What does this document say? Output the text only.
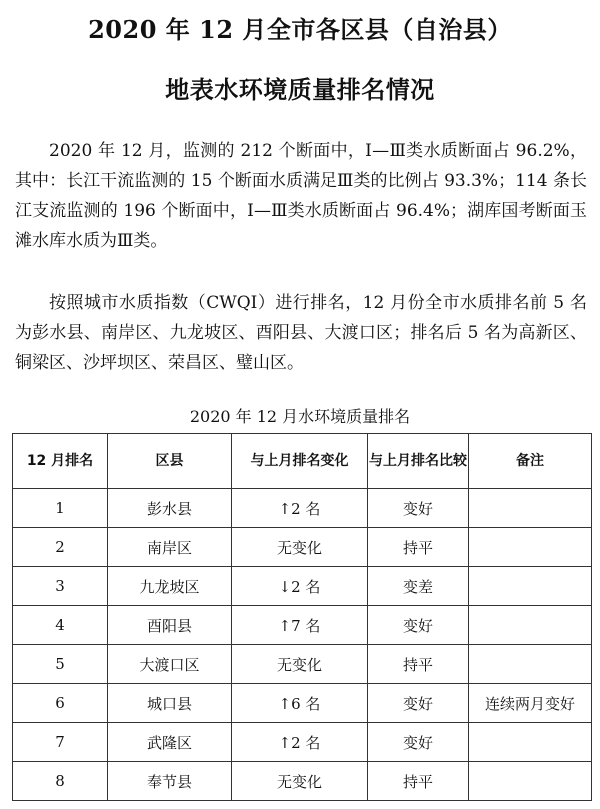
2020 年 12 月全市各区县（自治县）
地表水环境质量排名情况

2020 年 12 月，监测的 212 个断面中，Ⅰ—Ⅲ类水质断面占 96.2%，其中：长江干流监测的 15 个断面水质满足Ⅲ类的比例占 93.3%；114 条长江支流监测的 196 个断面中，Ⅰ—Ⅲ类水质断面占 96.4%；湖库国考断面玉滩水库水质为Ⅲ类。

按照城市水质指数（CWQI）进行排名，12 月份全市水质排名前 5 名为彭水县、南岸区、九龙坡区、酉阳县、大渡口区；排名后 5 名为高新区、铜梁区、沙坪坝区、荣昌区、璧山区。

2020 年 12 月水环境质量排名
12 月排名	区县	与上月排名变化	与上月排名比较	备注
1	彭水县	↑2 名	变好	
2	南岸区	无变化	持平	
3	九龙坡区	↓2 名	变差	
4	酉阳县	↑7 名	变好	
5	大渡口区	无变化	持平	
6	城口县	↑6 名	变好	连续两月变好
7	武隆区	↑2 名	变好	
8	奉节县	无变化	持平	
